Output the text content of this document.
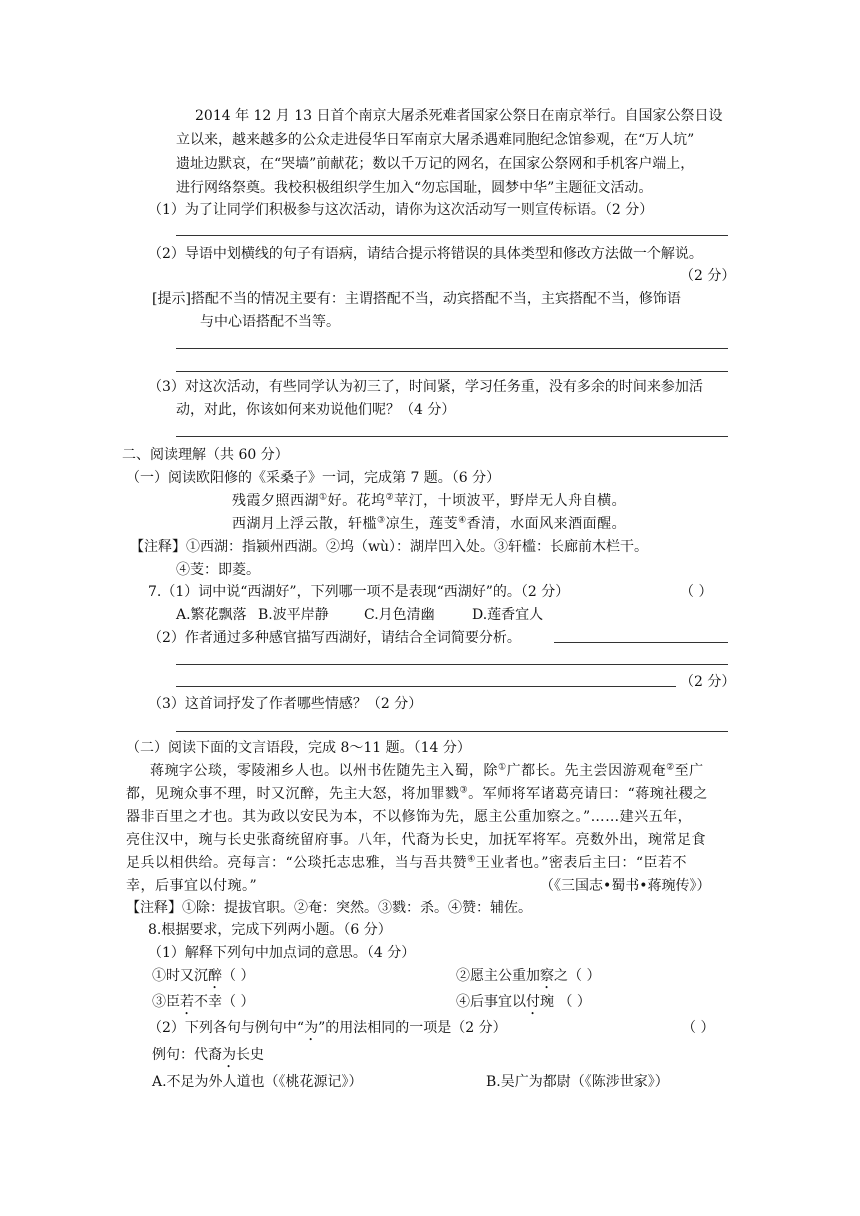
2014 年 12 月 13 日首个南京大屠杀死难者国家公祭日在南京举行。自国家公祭日设
立以来，越来越多的公众走进侵华日军南京大屠杀遇难同胞纪念馆参观，在“万人坑”
遗址边默哀，在“哭墙”前献花；数以千万记的网名，在国家公祭网和手机客户端上，
进行网络祭奠。我校积极组织学生加入“勿忘国耻，圆梦中华”主题征文活动。
（1）为了让同学们积极参与这次活动，请你为这次活动写一则宣传标语。（2 分）
（2）导语中划横线的句子有语病，请结合提示将错误的具体类型和修改方法做一个解说。
（2 分）
[提示]搭配不当的情况主要有：主谓搭配不当，动宾搭配不当，主宾搭配不当，修饰语
与中心语搭配不当等。
（3）对这次活动，有些同学认为初三了，时间紧，学习任务重，没有多余的时间来参加活
动，对此，你该如何来劝说他们呢？（4 分）
二、阅读理解（共 60 分）
（一）阅读欧阳修的《采桑子》一词，完成第 7 题。（6 分）
残霞夕照西湖①好。花坞②苹汀，十顷波平，野岸无人舟自横。
西湖月上浮云散，轩槛③凉生，莲芰④香清，水面风来酒面醒。
【注释】①西湖：指颍州西湖。②坞（wù）：湖岸凹入处。③轩槛：长廊前木栏干。
④芰：即菱。
7.（1）词中说“西湖好”，下列哪一项不是表现“西湖好”的。（2 分）	（ ）
A.繁花飘落 B.波平岸静	C.月色清幽	D.莲香宜人
（2）作者通过多种感官描写西湖好，请结合全词简要分析。
（2 分）
（3）这首词抒发了作者哪些情感？（2 分）
（二）阅读下面的文言语段，完成 8～11 题。（14 分）
蒋琬字公琰，零陵湘乡人也。以州书佐随先主入蜀，除①广都长。先主尝因游观奄②至广
都，见琬众事不理，时又沉醉，先主大怒，将加罪戮③。军师将军诸葛亮请曰：“蒋琬社稷之
器非百里之才也。其为政以安民为本，不以修饰为先，愿主公重加察之。”……建兴五年，
亮住汉中，琬与长史张裔统留府事。八年，代裔为长史，加抚军将军。亮数外出，琬常足食
足兵以相供给。亮每言：“公琰托志忠雅，当与吾共赞④王业者也。”密表后主曰：“臣若不
幸，后事宜以付琬。”	（《三国志•蜀书•蒋琬传》）
【注释】①除：提拔官职。②奄：突然。③戮：杀。④赞：辅佐。
8.根据要求，完成下列两小题。（6 分）
（1）解释下列句中加点词的意思。（4 分）
①时又沉醉（ ）	②愿主公重加察之（ ）
③臣若不幸（ ）	④后事宜以付琬 （ ）
（2）下列各句与例句中“为”的用法相同的一项是（2 分）	（ ）
例句：代裔为长史
A.不足为外人道也（《桃花源记》）	B.吴广为都尉（《陈涉世家》）
